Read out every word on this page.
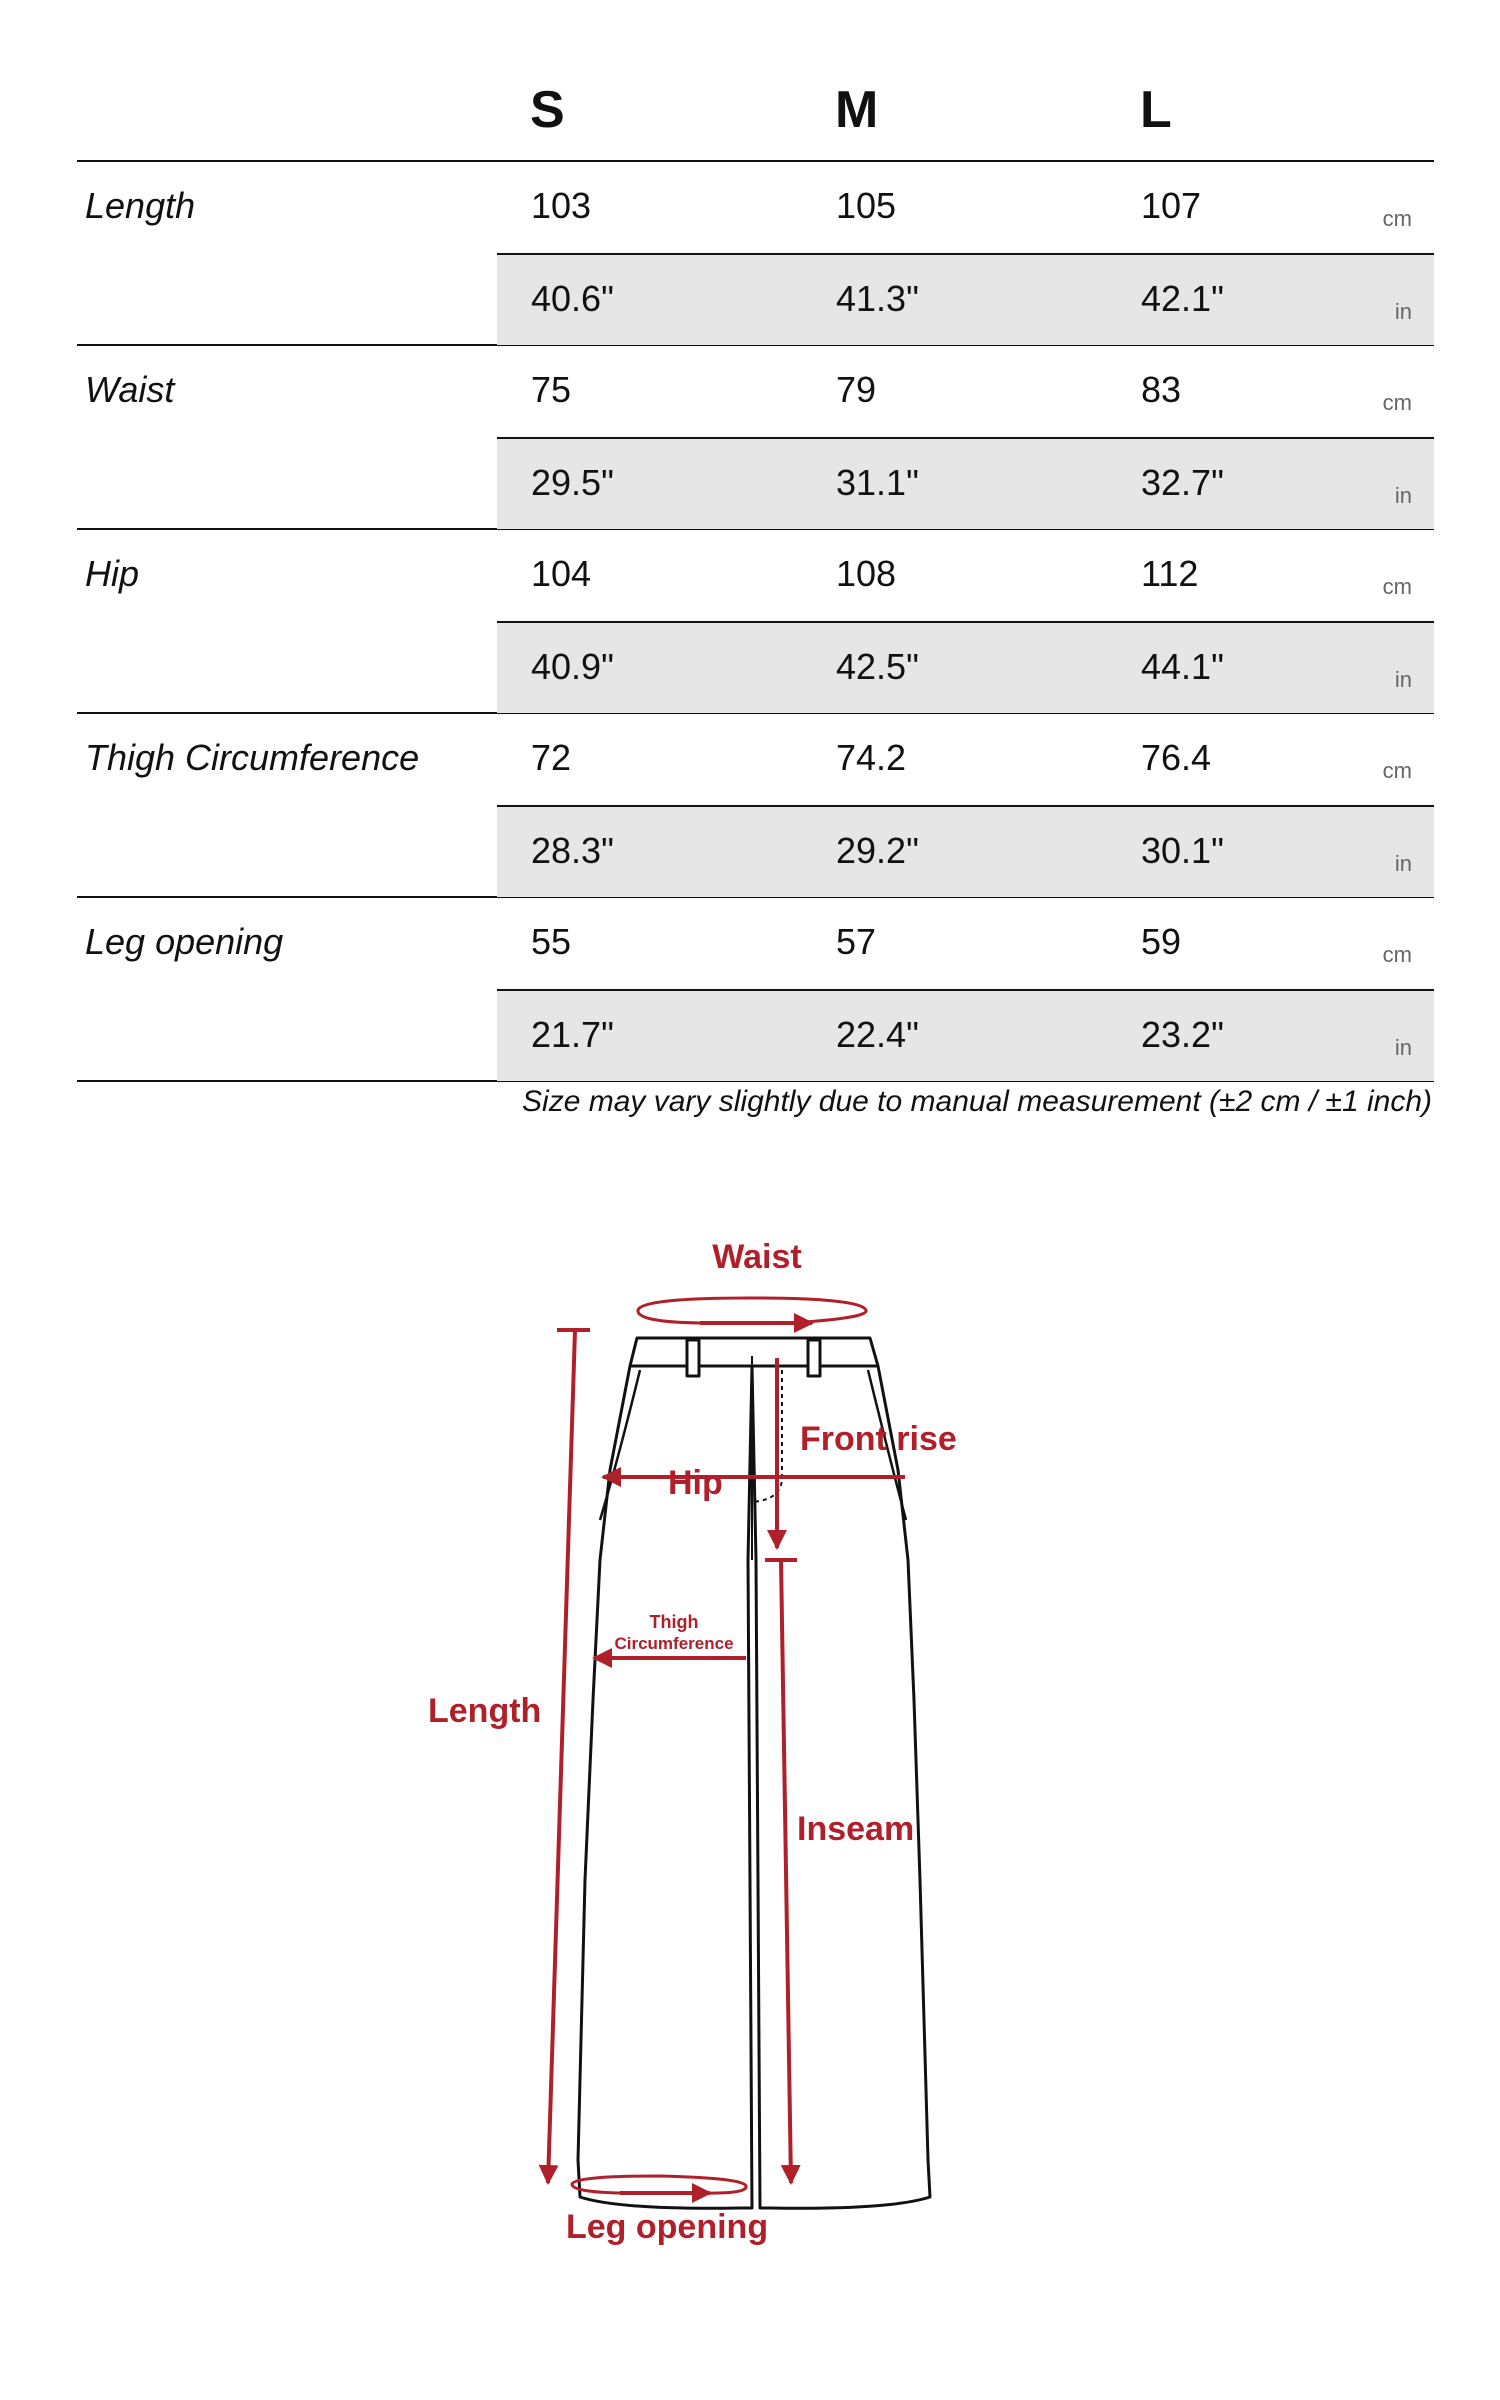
S	M	L
Length	103	105	107	cm
40.6"	41.3"	42.1"	in
Waist	75	79	83	cm
29.5"	31.1"	32.7"	in
Hip	104	108	112	cm
40.9"	42.5"	44.1"	in
Thigh Circumference	72	74.2	76.4	cm
28.3"	29.2"	30.1"	in
Leg opening	55	57	59	cm
21.7"	22.4"	23.2"	in
Size may vary slightly due to manual measurement (±2 cm / ±1 inch)
Waist
Front rise
Hip
Thigh
Circumference
Length
Inseam
Leg opening
